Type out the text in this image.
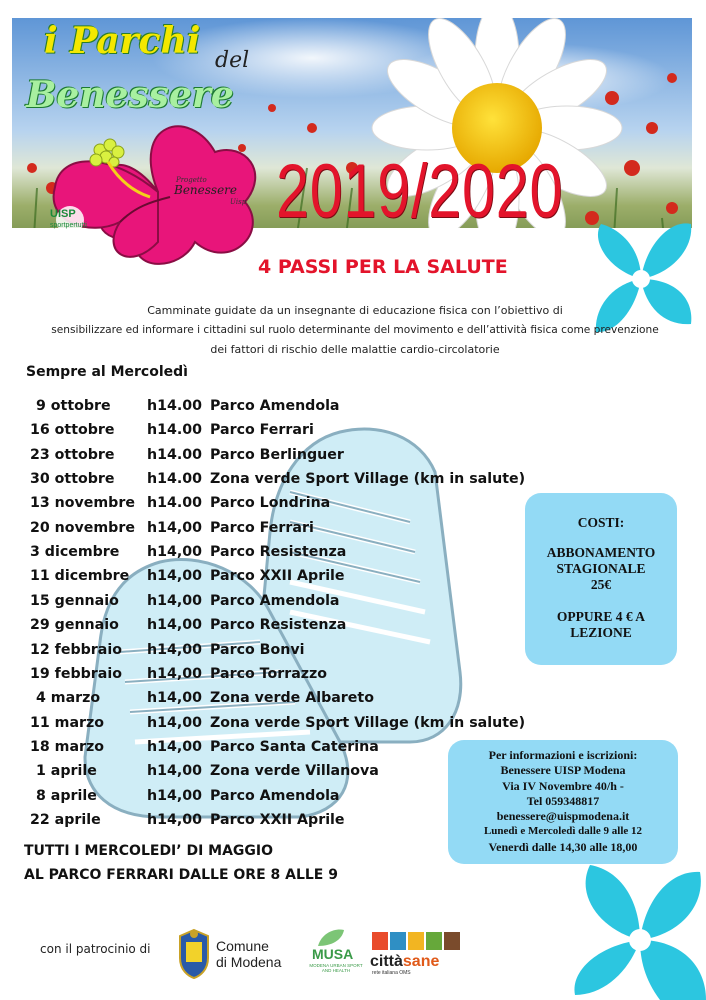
i Parchi del
Benessere
Progetto
Benessere
Uisp
UISP
sportpertutti 2019/2020
4 PASSI PER LA SALUTE
Camminate guidate da un insegnante di educazione fisica con l’obiettivo di
sensibilizzare ed informare i cittadini sul ruolo determinante del movimento e dell’attività fisica come prevenzione
dei fattori di rischio delle malattie cardio-circolatorie
Sempre al Mercoledì
9 ottobre	h14.00 Parco Amendola
16 ottobre h14.00 Parco Ferrari
23 ottobre h14.00 Parco Berlinguer
30 ottobre h14.00 Zona verde Sport Village (km in salute)
13 novembre h14.00 Parco Londrina
20 novembre h14,00 Parco Ferrari
3 dicembre h14,00 Parco Resistenza
11 dicembre h14,00 Parco XXII Aprile
15 gennaio h14,00 Parco Amendola
29 gennaio h14,00 Parco Resistenza
12 febbraio h14,00 Parco Bonvi
19 febbraio h14,00 Parco Torrazzo
4 marzo	h14,00 Zona verde Albareto
11 marzo	h14,00 Zona verde Sport Village (km in salute)
18 marzo	h14,00 Parco Santa Caterina
1 aprile	h14,00 Zona verde Villanova
8 aprile	h14,00 Parco Amendola
22 aprile	h14,00 Parco XXII Aprile
TUTTI I MERCOLEDI’ DI MAGGIO
AL PARCO FERRARI DALLE ORE 8 ALLE 9
COSTI:
ABBONAMENTO
STAGIONALE
25€
OPPURE 4 € A
LEZIONE
Per informazioni e iscrizioni:
Benessere UISP Modena
Via IV Novembre 40/h -
Tel 059348817
benessere@uispmodena.it
Lunedì e Mercoledì dalle 9 alle 12
Venerdì dalle 14,30 alle 18,00
con il patrocinio di	Comune
di Modena MUSA
MODENA URBAN SPORT AND HEALTH
cittàsane
rete italiana OMS
